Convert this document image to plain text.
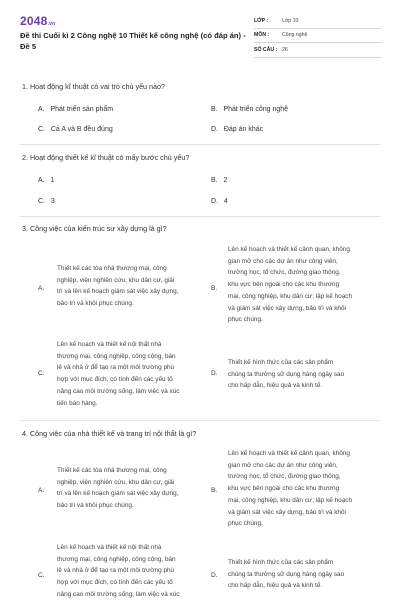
2048.vn
Đề thi Cuối kì 2 Công nghệ 10 Thiết kế công nghệ (có đáp án) - Đề 5
LỚP :	Lớp 10
MÔN :	Công nghệ
SỐ CÂU : 26
1. Hoạt động kĩ thuật có vai trò chủ yếu nào?
A. Phát triển sản phẩm	B. Phát triển công nghệ
C. Cả A và B đều đúng	D. Đáp án khác
2. Hoạt động thiết kế kĩ thuật có mấy bước chủ yếu?
A. 1	B. 2
C. 3	D. 4
3. Công việc của kiến trúc sư xây dựng là gì?
A.
Thiết kế các tòa nhà thương mại, công
nghiệp, viện nghiên cứu, khu dân cư, giải
trí và lên kế hoạch giám sát việc xây dựng,
bảo trì và khôi phục chúng.
B.
Lên kế hoạch và thiết kế cảnh quan, không
gian mở cho các dự án như công viên,
trường học, tổ chức, đường giao thông,
khu vực bên ngoài cho các khu thương
mại, công nghiệp, khu dân cư; lập kế hoạch
và giám sát việc xây dựng, bảo trì và khôi
phục chúng.
C.
Lên kế hoạch và thiết kế nội thất nhà
thương mại, công nghiệp, công cộng, bán
lẻ và nhà ở để tạo ra một môi trường phù
hợp với mục đích, có tính đến các yếu tố
nâng cao môi trường sống, làm việc và xúc
tiến bán hàng.
D.
Thiết kế hình thức của các sản phẩm
chúng ta thường sử dụng hàng ngày sao
cho hấp dẫn, hiệu quả và kinh tế.
4. Công việc của nhà thiết kế và trang trí nội thất là gì?
A.
Thiết kế các tòa nhà thương mại, công
nghiệp, viện nghiên cứu, khu dân cư, giải
trí và lên kế hoạch giám sát việc xây dựng,
bảo trì và khôi phục chúng.
B.
Lên kế hoạch và thiết kế cảnh quan, không
gian mở cho các dự án như công viên,
trường học, tổ chức, đường giao thông,
khu vực bên ngoài cho các khu thương
mại, công nghiệp, khu dân cư; lập kế hoạch
và giám sát việc xây dựng, bảo trì và khôi
phục chúng.
C.
Lên kế hoạch và thiết kế nội thất nhà
thương mại, công nghiệp, công cộng, bán
lẻ và nhà ở để tạo ra một môi trường phù
hợp với mục đích, có tính đến các yếu tố
nâng cao môi trường sống, làm việc và xúc
D.
Thiết kế hình thức của các sản phẩm
chúng ta thường sử dụng hàng ngày sao
cho hấp dẫn, hiệu quả và kinh tế.
